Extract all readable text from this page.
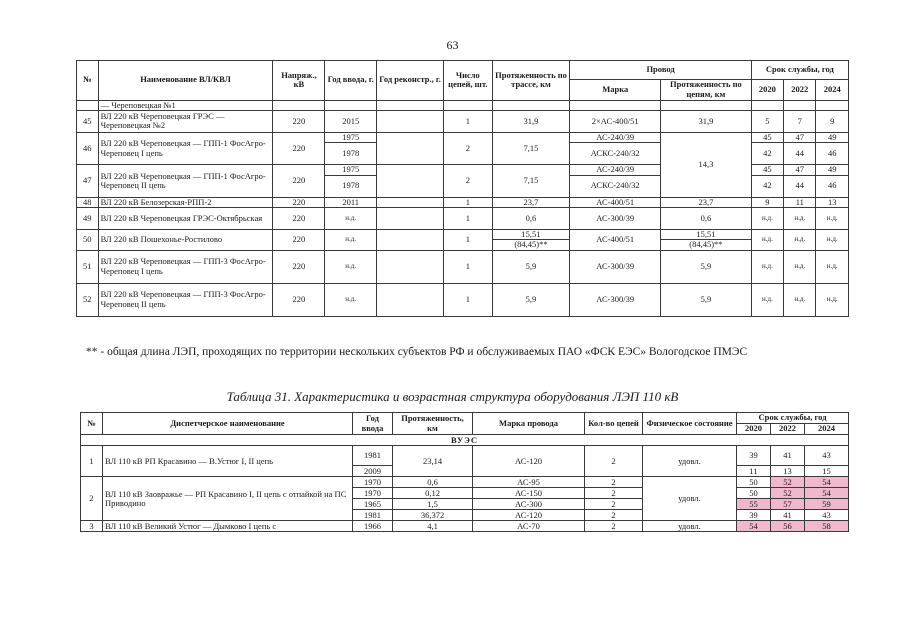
63
№	Наименование ВЛ/КВЛ	Напряж., кВ	Год ввода, г.	Год реконстр., г.	Число цепей, шт.	Протяженность по трассе, км	Провод		Срок службы, год		
							Марка	Протяженность по цепям, км	2020	2022	2024
	— Череповецкая №1										
45	ВЛ 220 кВ Череповецкая ГРЭС — Череповецкая №2	220	2015		1	31,9	2×АС-400/51	31,9	5	7	9
46	ВЛ 220 кВ Череповецкая — ГПП-1 ФосАгро-Череповец I цепь	220	1975		2	7,15	АС-240/39	14,3	45	47	49
			1978				АСКС-240/32		42	44	46
47	ВЛ 220 кВ Череповецкая — ГПП-1 ФосАгро-Череповец II цепь	220	1975		2	7,15	АС-240/39		45	47	49
			1978				АСКС-240/32		42	44	46
48	ВЛ 220 кВ Белозерская-РПП-2	220	2011		1	23,7	АС-400/51	23,7	9	11	13
49	ВЛ 220 кВ Череповецкая ГРЭС-Октябрьская	220	н.д.		1	0,6	АС-300/39	0,6	н.д.	н.д.	н.д.
50	ВЛ 220 кВ Пошехонье-Ростилово	220	н.д.		1	15,51	АС-400/51	15,51	н.д.	н.д.	н.д.
						(84,45)**		(84,45)**			
51	ВЛ 220 кВ Череповецкая — ГПП-3 ФосАгро-Череповец I цепь	220	н.д.		1	5,9	АС-300/39	5,9	н.д.	н.д.	н.д.
52	ВЛ 220 кВ Череповецкая — ГПП-3 ФосАгро-Череповец II цепь	220	н.д.		1	5,9	АС-300/39	5,9	н.д.	н.д.	н.д.
** - общая длина ЛЭП, проходящих по территории нескольких субъектов РФ и обслуживаемых ПАО «ФСК ЕЭС» Вологодское ПМЭС
Таблица 31. Характеристика и возрастная структура оборудования ЛЭП 110 кВ
№	Диспетчерское наименование	Год ввода	Протяженность, км	Марка провода	Кол-во цепей	Физическое состояние	Срок службы, год		
							2020	2022	2024
ВУЭС									
1	ВЛ 110 кВ РП Красавино — В.Устюг I, II цепь	1981	23,14	АС-120	2	удовл.	39	41	43
		2009					11	13	15
2	ВЛ 110 кВ Заовражье — РП Красавино I, II цепь с отпайкой на ПС Приводино	1970	0,6	АС-95	2	удовл.	50	52	54
		1970	0,12	АС-150	2		50	52	54
		1965	1,5	АС-300	2		55	57	59
		1981	36,372	АС-120	2		39	41	43
3	ВЛ 110 кВ Великий Устюг — Дымково I цепь с	1966	4,1	АС-70	2	удовл.	54	56	58
